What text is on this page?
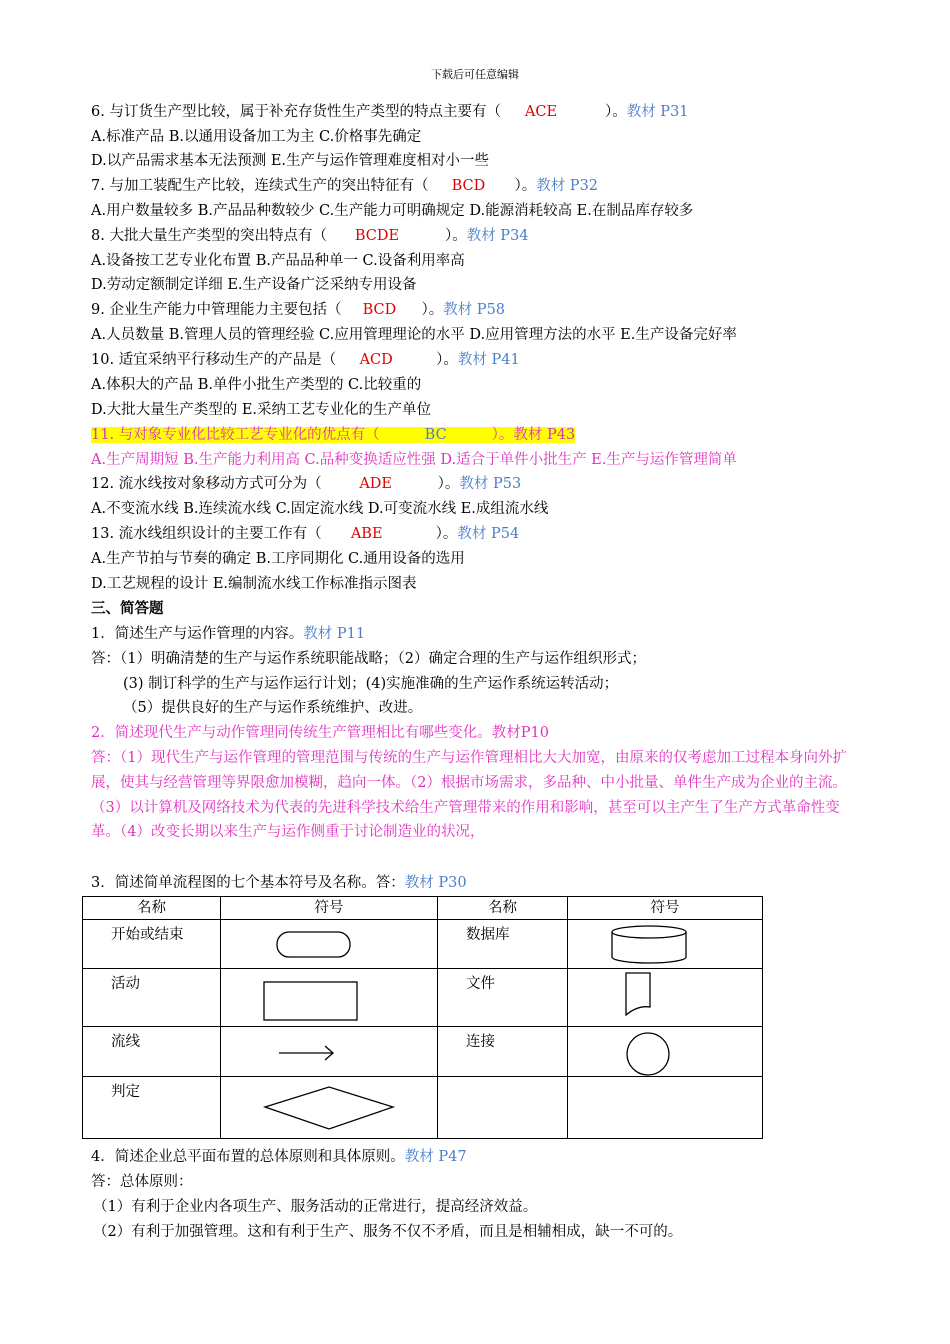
下载后可任意编辑
6. 与订货生产型比较，属于补充存货性生产类型的特点主要有（ ACE	）。教材 P31
A.标准产品 B.以通用设备加工为主 C.价格事先确定
D.以产品需求基本无法预测 E.生产与运作管理难度相对小一些
7. 与加工装配生产比较，连续式生产的突出特征有（ BCD ）。教材 P32
A.用户数量较多 B.产品品种数较少 C.生产能力可明确规定 D.能源消耗较高 E.在制品库存较多
8. 大批大量生产类型的突出特点有（ BCDE	）。教材 P34
A.设备按工艺专业化布置 B.产品品种单一 C.设备利用率高
D.劳动定额制定详细 E.生产设备广泛采纳专用设备
9. 企业生产能力中管理能力主要包括（ BCD ）。教材 P58
A.人员数量 B.管理人员的管理经验 C.应用管理理论的水平 D.应用管理方法的水平 E.生产设备完好率
10. 适宜采纳平行移动生产的产品是（ ACD	）。教材 P41
A.体积大的产品 B.单件小批生产类型的 C.比较重的
D.大批大量生产类型的 E.采纳工艺专业化的生产单位
11. 与对象专业化比较工艺专业化的优点有（	BC	）。教材 P43
A.生产周期短 B.生产能力利用高 C.品种变换适应性强 D.适合于单件小批生产 E.生产与运作管理简单
12. 流水线按对象移动方式可分为（	ADE	）。教材 P53
A.不变流水线 B.连续流水线 C.固定流水线 D.可变流水线 E.成组流水线
13. 流水线组织设计的主要工作有（ ABE	）。教材 P54
A.生产节拍与节奏的确定 B.工序同期化 C.通用设备的选用
D.工艺规程的设计 E.编制流水线工作标准指示图表
三、简答题
1．简述生产与运作管理的内容。教材 P11
答：（1）明确清楚的生产与运作系统职能战略；（2）确定合理的生产与运作组织形式；
(3) 制订科学的生产与运作运行计划；(4)实施准确的生产运作系统运转活动；
（5）提供良好的生产与运作系统维护、改进。
2．简述现代生产与动作管理同传统生产管理相比有哪些变化。教材P10
答：（1）现代生产与运作管理的管理范围与传统的生产与运作管理相比大大加宽，由原来的仅考虑加工过程本身向外扩展，使其与经营管理等界限愈加模糊，趋向一体。（2）根据市场需求，多品种、中小批量、单件生产成为企业的主流。（3）以计算机及网络技术为代表的先进科学技术给生产管理带来的作用和影响，甚至可以主产生了生产方式革命性变革。（4）改变长期以来生产与运作侧重于讨论制造业的状况，
3．简述简单流程图的七个基本符号及名称。答：教材 P30
名称	符号	名称	符号
开始或结束		数据库	

活动		文件	

流线		连接	

判定	

4．简述企业总平面布置的总体原则和具体原则。教材 P47
答：总体原则：
（1）有利于企业内各项生产、服务活动的正常进行，提高经济效益。
（2）有利于加强管理。这和有利于生产、服务不仅不矛盾，而且是相辅相成，缺一不可的。
